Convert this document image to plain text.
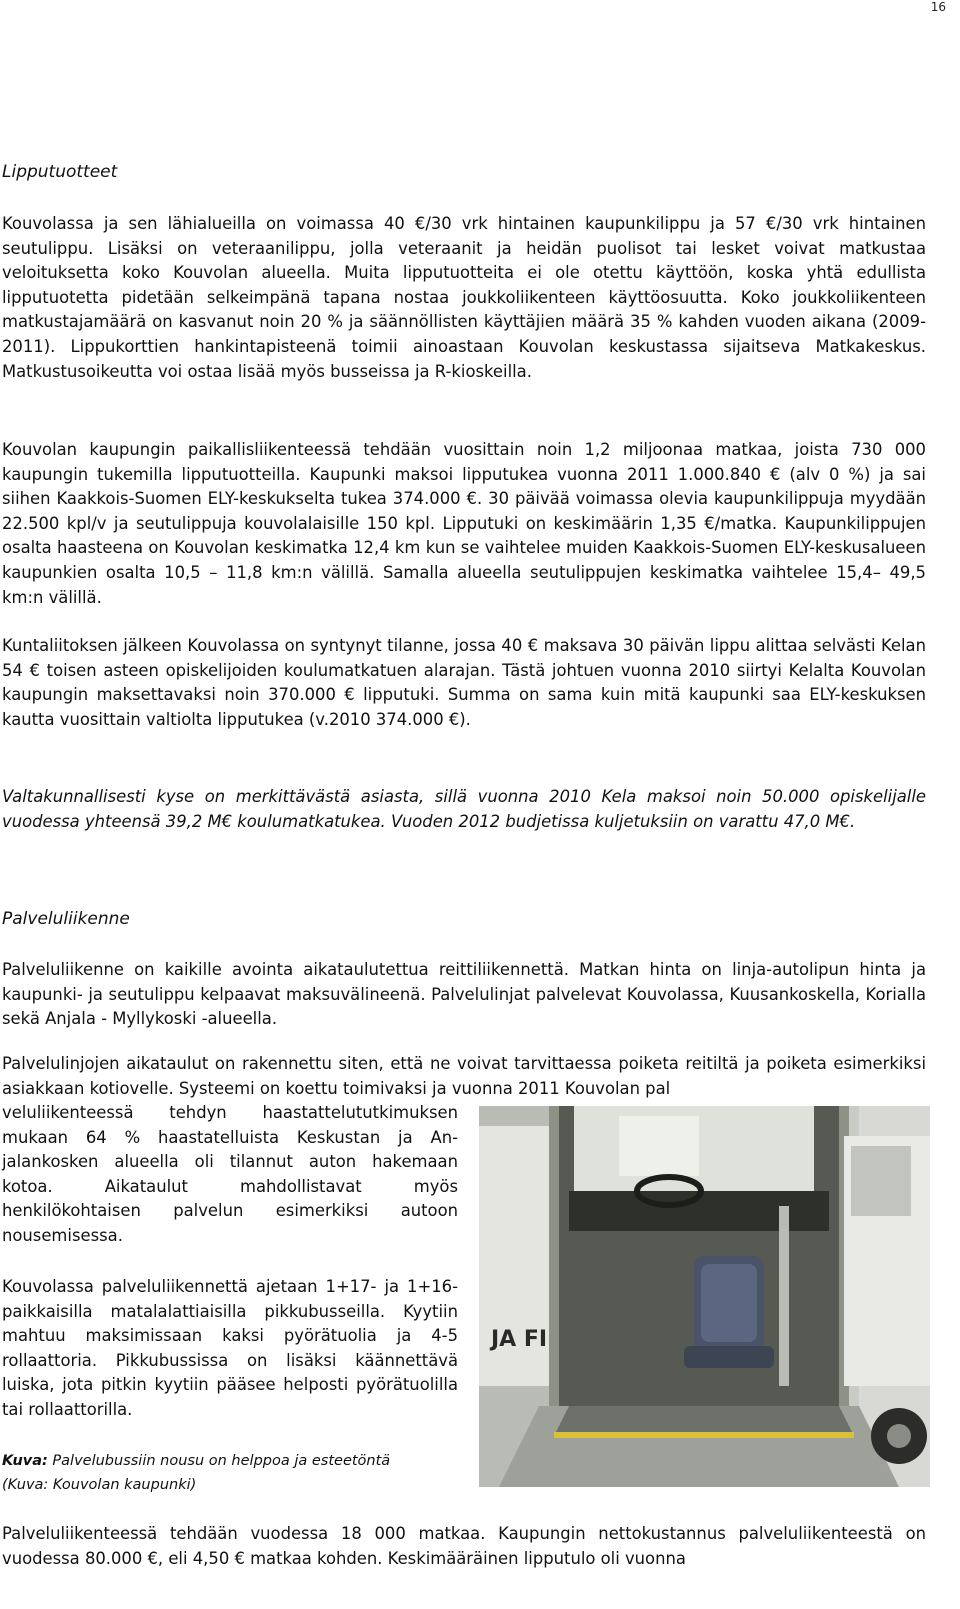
16

Lipputuotteet

Kouvolassa ja sen lähialueilla on voimassa 40 €/30 vrk hintainen kaupunkilippu ja 57 €/30 vrk hintainen seutulippu. Lisäksi on veteraanilippu, jolla veteraanit ja heidän puolisot tai lesket voivat matkustaa veloituksetta koko Kouvolan alueella. Muita lipputuotteita ei ole otettu käyttöön, koska yhtä edullista lipputuotetta pidetään selkeimpänä tapana nostaa joukkoliikenteen käyttöosuutta. Koko joukkoliikenteen matkustajamäärä on kasvanut noin 20 % ja säännöllisten käyttäjien määrä 35 % kahden vuoden aikana (2009-2011). Lippukorttien hankintapisteenä toimii ainoastaan Kouvolan keskustassa sijaitseva Matkakeskus. Matkustusoikeutta voi ostaa lisää myös busseissa ja R-kioskeilla.

Kouvolan kaupungin paikallisliikenteessä tehdään vuosittain noin 1,2 miljoonaa matkaa, joista 730 000 kaupungin tukemilla lipputuotteilla. Kaupunki maksoi lipputukea vuonna 2011 1.000.840 € (alv 0 %) ja sai siihen Kaakkois-Suomen ELY-keskukselta tukea 374.000 €. 30 päivää voimassa olevia kaupunkilippuja myydään 22.500 kpl/v ja seutulippuja kouvolalaisille 150 kpl. Lipputuki on keskimäärin 1,35 €/matka. Kaupunkilippujen osalta haasteena on Kouvolan keskimatka 12,4 km kun se vaihtelee muiden Kaakkois-Suomen ELY-keskusalueen kaupunkien osalta 10,5 – 11,8 km:n välillä. Samalla alueella seutulippujen keskimatka vaihtelee 15,4– 49,5 km:n välillä.

Kuntaliitoksen jälkeen Kouvolassa on syntynyt tilanne, jossa 40 € maksava 30 päivän lippu alittaa selvästi Kelan 54 € toisen asteen opiskelijoiden koulumatkatuen alarajan. Tästä johtuen vuonna 2010 siirtyi Kelalta Kouvolan kaupungin maksettavaksi noin 370.000 € lipputuki. Summa on sama kuin mitä kaupunki saa ELY-keskuksen kautta vuosittain valtiolta lipputukea (v.2010 374.000 €).

Valtakunnallisesti kyse on merkittävästä asiasta, sillä vuonna 2010 Kela maksoi noin 50.000 opiskelijalle vuodessa yhteensä 39,2 M€ koulumatkatukea. Vuoden 2012 budjetissa kuljetuksiin on varattu 47,0 M€.

Palveluliikenne

Palveluliikenne on kaikille avointa aikataulutettua reittiliikennettä. Matkan hinta on linja-autolipun hinta ja kaupunki- ja seutulippu kelpaavat maksuvälineenä. Palvelulinjat palvelevat Kouvolassa, Kuusankoskella, Korialla sekä Anjala - Myllykoski -alueella.

Palvelulinjojen aikataulut on rakennettu siten, että ne voivat tarvittaessa poiketa reitiltä ja poiketa esimerkiksi asiakkaan kotiovelle. Systeemi on koettu toimivaksi ja vuonna 2011 Kouvolan pal

veluliikenteessä tehdyn haastattelututkimuksen mukaan 64 % haastatelluista Keskustan ja Anjalankosken alueella oli tilannut auton hakemaan kotoa. Aikataulut mahdollistavat myös henkilökohtaisen palvelun esimerkiksi autoon nousemisessa.

Kouvolassa palveluliikennettä ajetaan 1+17- ja 1+16-paikkaisilla matalalattiaisilla pikkubusseilla. Kyytiin mahtuu maksimissaan kaksi pyörätuolia ja 4-5 rollaattoria. Pikkubussissa on lisäksi käännettävä luiska, jota pitkin kyytiin pääsee helposti pyörätuolilla tai rollaattorilla.

Kuva: Palvelubussiin nousu on helppoa ja esteetöntä
(Kuva: Kouvolan kaupunki)
JA FI

Palveluliikenteessä tehdään vuodessa 18 000 matkaa. Kaupungin nettokustannus palveluliikenteestä on vuodessa 80.000 €, eli 4,50 € matkaa kohden. Keskimääräinen lipputulo oli vuonna
